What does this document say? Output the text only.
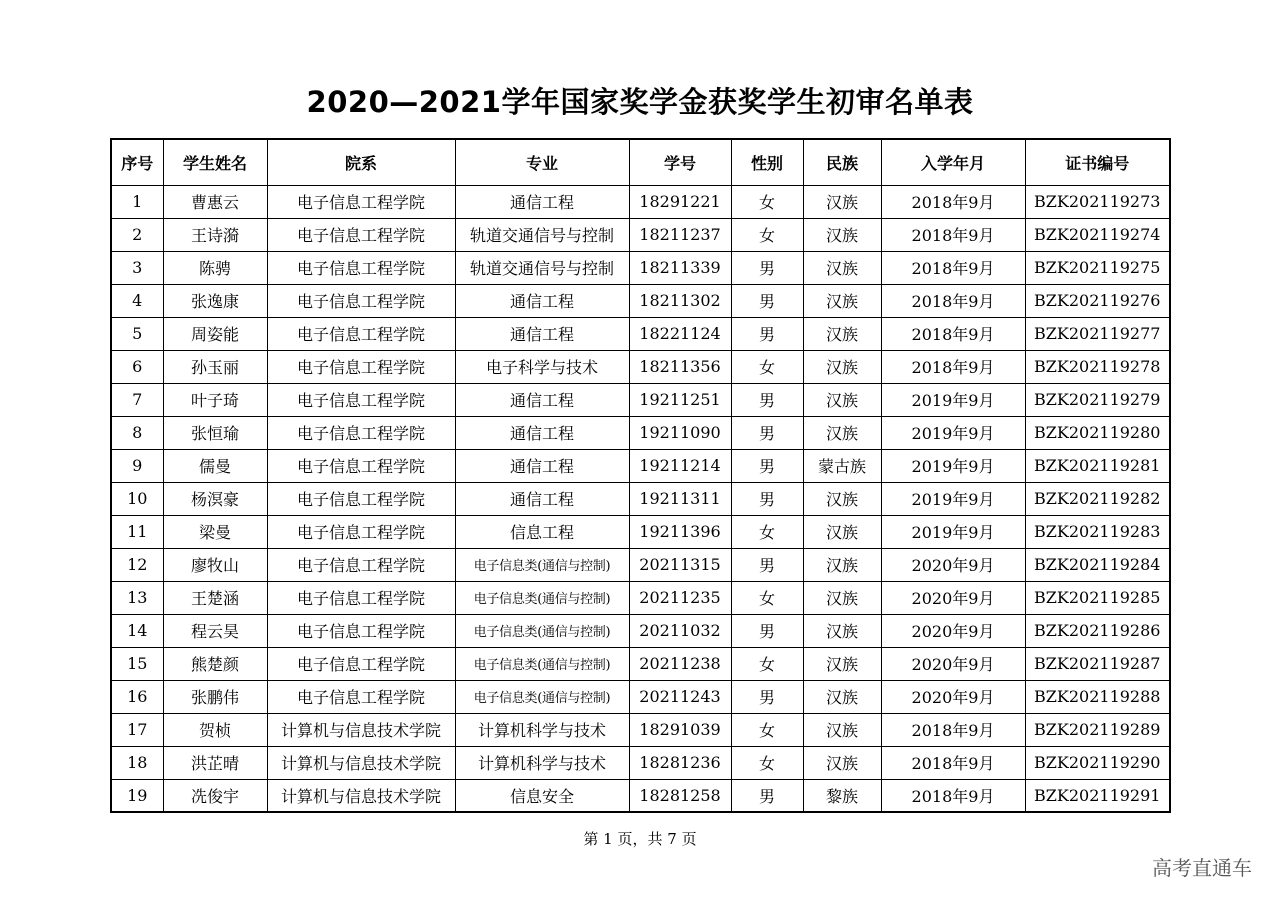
2020—2021学年国家奖学金获奖学生初审名单表
序号	学生姓名	院系	专业	学号	性别	民族	入学年月	证书编号
1	曹惠云	电子信息工程学院	通信工程	18291221	女	汉族	2018年9月	BZK202119273
2	王诗漪	电子信息工程学院	轨道交通信号与控制	18211237	女	汉族	2018年9月	BZK202119274
3	陈骋	电子信息工程学院	轨道交通信号与控制	18211339	男	汉族	2018年9月	BZK202119275
4	张逸康	电子信息工程学院	通信工程	18211302	男	汉族	2018年9月	BZK202119276
5	周姿能	电子信息工程学院	通信工程	18221124	男	汉族	2018年9月	BZK202119277
6	孙玉丽	电子信息工程学院	电子科学与技术	18211356	女	汉族	2018年9月	BZK202119278
7	叶子琦	电子信息工程学院	通信工程	19211251	男	汉族	2019年9月	BZK202119279
8	张恒瑜	电子信息工程学院	通信工程	19211090	男	汉族	2019年9月	BZK202119280
9	儒曼	电子信息工程学院	通信工程	19211214	男	蒙古族	2019年9月	BZK202119281
10	杨溟豪	电子信息工程学院	通信工程	19211311	男	汉族	2019年9月	BZK202119282
11	梁曼	电子信息工程学院	信息工程	19211396	女	汉族	2019年9月	BZK202119283
12	廖牧山	电子信息工程学院	电子信息类(通信与控制)	20211315	男	汉族	2020年9月	BZK202119284
13	王楚涵	电子信息工程学院	电子信息类(通信与控制)	20211235	女	汉族	2020年9月	BZK202119285
14	程云昊	电子信息工程学院	电子信息类(通信与控制)	20211032	男	汉族	2020年9月	BZK202119286
15	熊楚颜	电子信息工程学院	电子信息类(通信与控制)	20211238	女	汉族	2020年9月	BZK202119287
16	张鹏伟	电子信息工程学院	电子信息类(通信与控制)	20211243	男	汉族	2020年9月	BZK202119288
17	贺桢	计算机与信息技术学院	计算机科学与技术	18291039	女	汉族	2018年9月	BZK202119289
18	洪芷晴	计算机与信息技术学院	计算机科学与技术	18281236	女	汉族	2018年9月	BZK202119290
19	冼俊宇	计算机与信息技术学院	信息安全	18281258	男	黎族	2018年9月	BZK202119291
第 1 页，共 7 页
高考直通车
